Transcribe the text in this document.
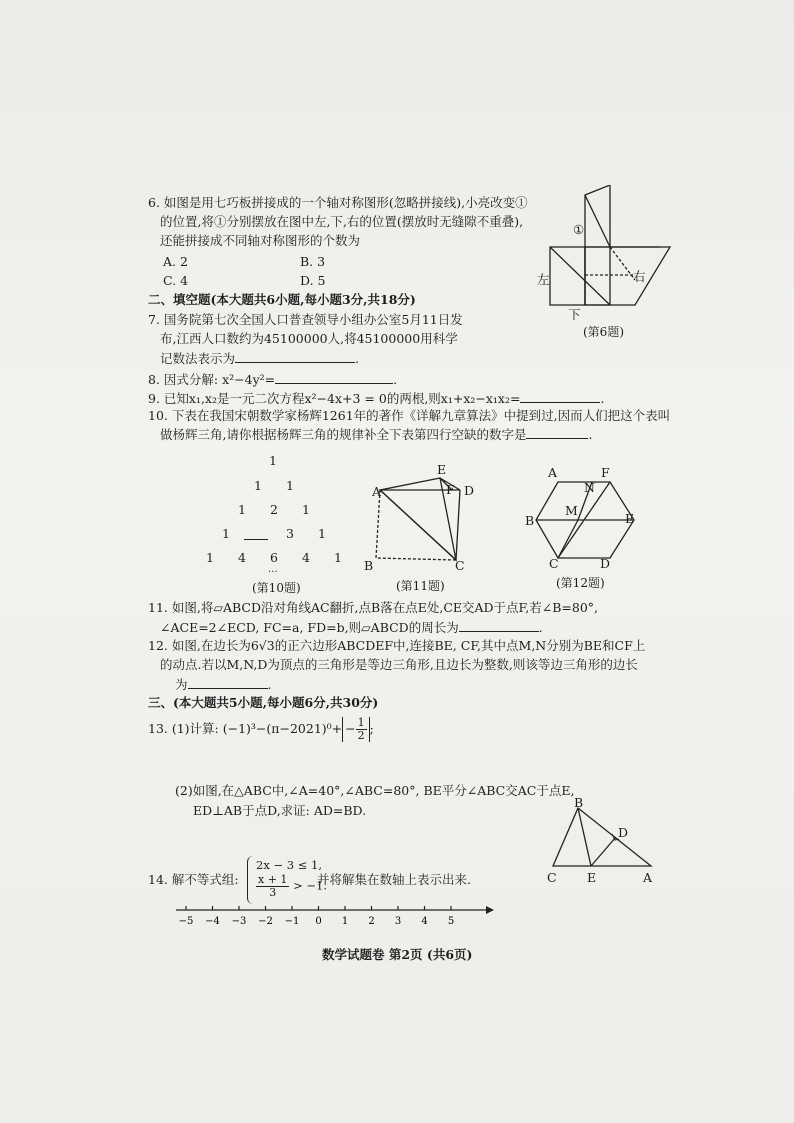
6. 如图是用七巧板拼接成的一个轴对称图形(忽略拼接线),小亮改变①
的位置,将①分别摆放在图中左,下,右的位置(摆放时无缝隙不重叠),
还能拼接成不同轴对称图形的个数为
A. 2	B. 3
C. 4	D. 5
①
左
下
右
(第6题)
二、填空题(本大题共6小题,每小题3分,共18分)
7. 国务院第七次全国人口普查领导小组办公室5月11日发
布,江西人口数约为45100000人,将45100000用科学
记数法表示为	.
8. 因式分解: x²−4y²=	.
9. 已知x₁,x₂是一元二次方程x²−4x+3 = 0的两根,则x₁+x₂−x₁x₂=	.
10. 下表在我国宋朝数学家杨辉1261年的著作《详解九章算法》中提到过,因而人们把这个表叫
做杨辉三角,请你根据杨辉三角的规律补全下表第四行空缺的数字是	.
1
1 1
1 2 1
1	3 1
1 4 6 4 1
...
(第10题)
A
B	C
D
E
F
(第11题)
A	F
B	E
C	D
M
N
(第12题)
11. 如图,将▱ABCD沿对角线AC翻折,点B落在点E处,CE交AD于点F,若∠B=80°,
∠ACE=2∠ECD, FC=a, FD=b,则▱ABCD的周长为	.
12. 如图,在边长为6√3的正六边形ABCDEF中,连接BE, CF,其中点M,N分别为BE和CF上
的动点.若以M,N,D为顶点的三角形是等边三角形,且边长为整数,则该等边三角形的边长
为	.
三、(本大题共5小题,每小题6分,共30分)
13. (1)计算: $(-1)^3-(\pi-2021)^0+ - \frac{1}{2}$ ;
(2)如图,在△ABC中,∠A=40°,∠ABC=80°, BE平分∠ABC交AC于点E,
ED⊥AB于点D,求证: AD=BD.
B
C E	A
D
14. 解不等式组:
2x − 3 ≤ 1,
$\frac{x + 1}{3} > -1$.
并将解集在数轴上表示出来.
−5 −4 −3 −2 −1 0 1 2 3 4 5
数学试题卷 第2页 (共6页)
